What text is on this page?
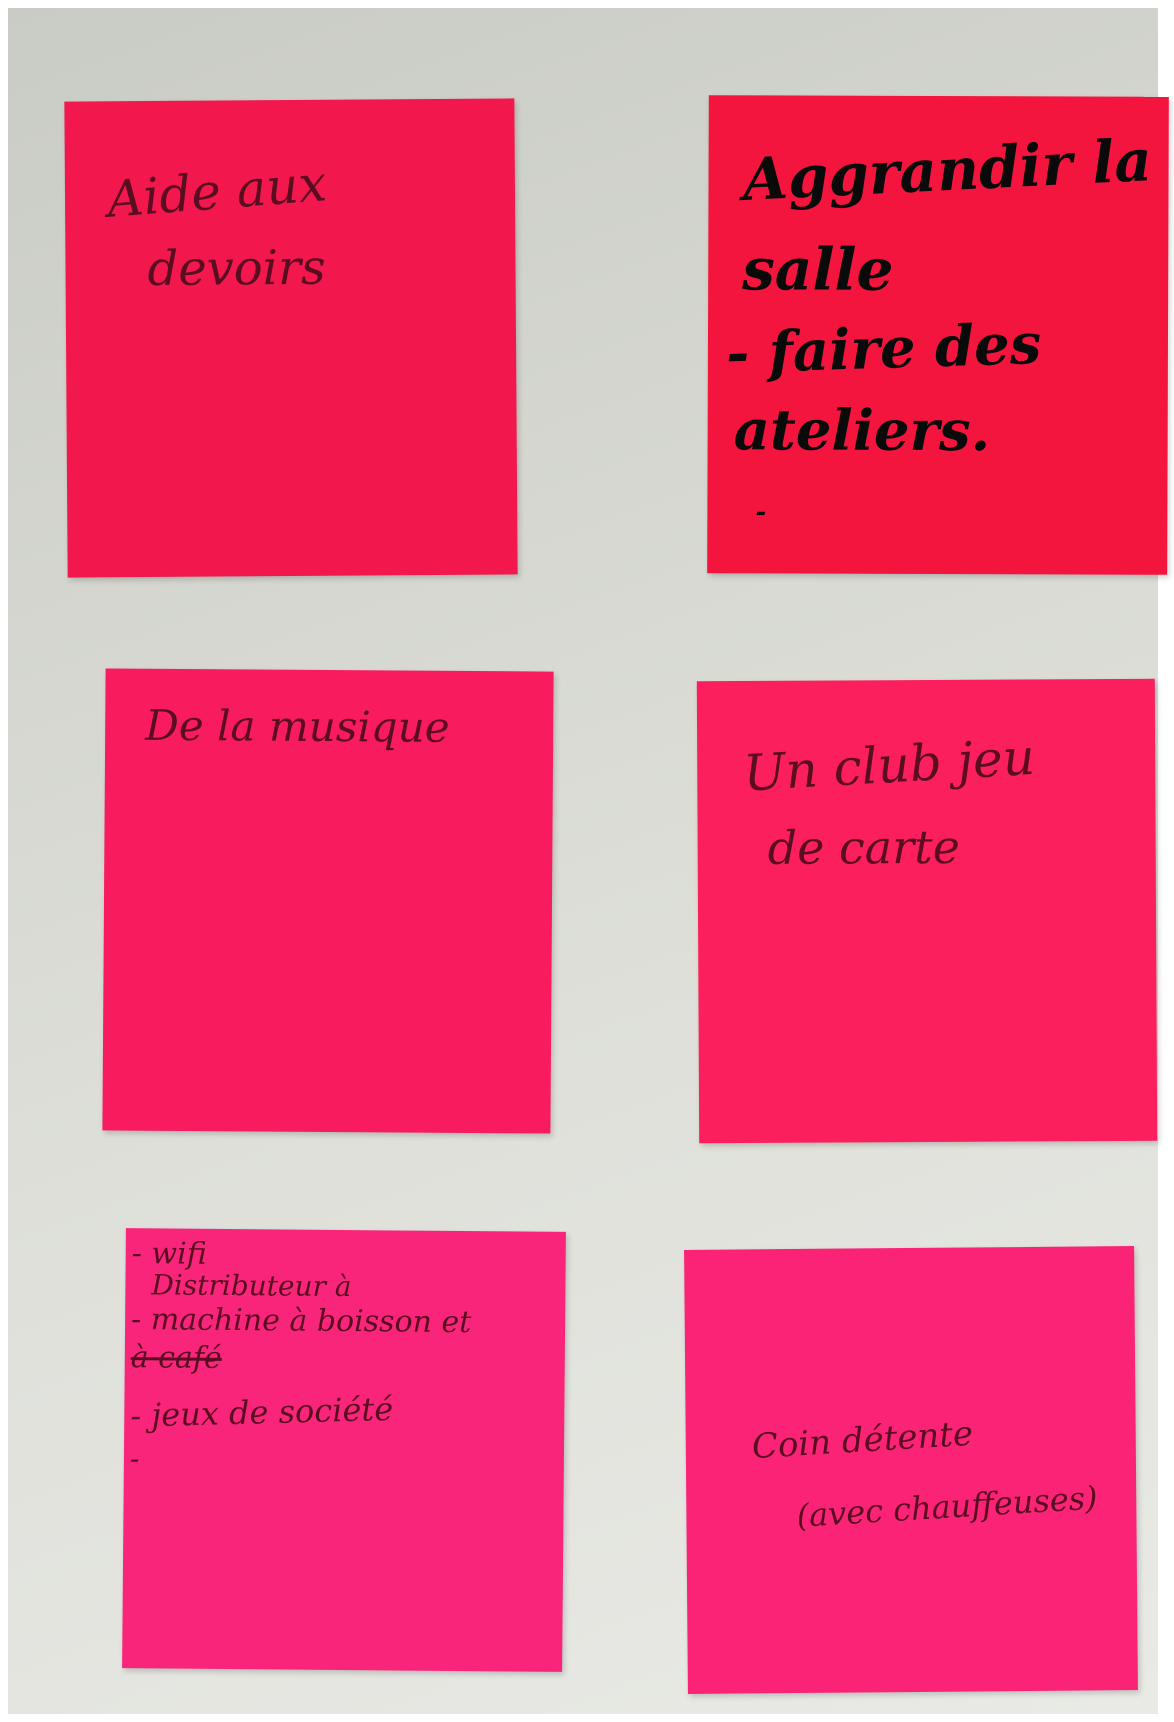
Aide aux
devoirs
Aggrandir la
salle
- faire des
ateliers.
-
De la musique
Un club jeu
de carte
- wifi
Distributeur à
- machine à boisson et
à café
- jeux de société
-	Coin détente
(avec chauffeuses)
